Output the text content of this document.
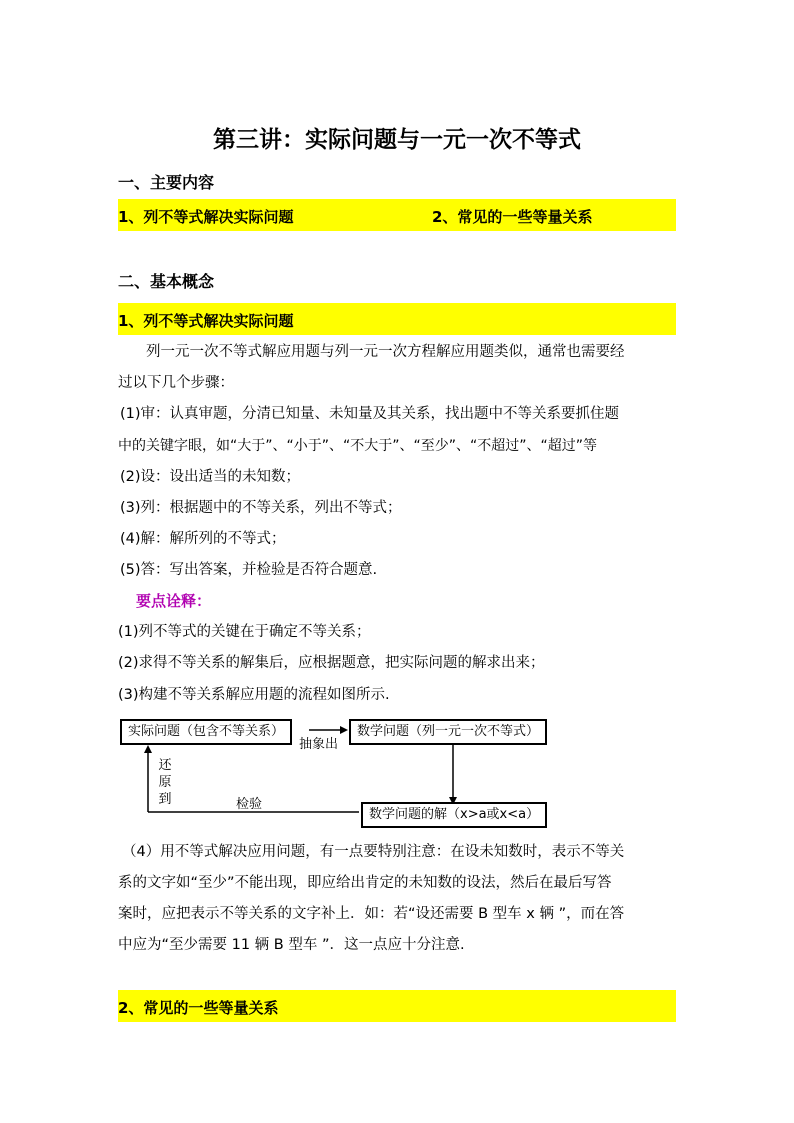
第三讲：实际问题与一元一次不等式
一、主要内容
1、列不等式解决实际问题	2、常见的一些等量关系
二、基本概念
1、列不等式解决实际问题
列一元一次不等式解应用题与列一元一次方程解应用题类似，通常也需要经
过以下几个步骤：
(1)审：认真审题，分清已知量、未知量及其关系，找出题中不等关系要抓住题
中的关键字眼，如“大于”、“小于”、“不大于”、“至少”、“不超过”、“超过”等
(2)设：设出适当的未知数；
(3)列：根据题中的不等关系，列出不等式；
(4)解：解所列的不等式；
(5)答：写出答案，并检验是否符合题意.
要点诠释：
(1)列不等式的关键在于确定不等关系；
(2)求得不等关系的解集后，应根据题意，把实际问题的解求出来；
(3)构建不等关系解应用题的流程如图所示.
实际问题（包含不等关系）	数学问题（列一元一次不等式）
数学问题的解（x>a或x<a）
抽象出
检验
还
原
到
（4）用不等式解决应用问题，有一点要特别注意：在设未知数时，表示不等关
系的文字如“至少”不能出现，即应给出肯定的未知数的设法，然后在最后写答
案时，应把表示不等关系的文字补上．如：若“设还需要 B 型车 x 辆 ”，而在答
中应为“至少需要 11 辆 B 型车 ”．这一点应十分注意.
2、常见的一些等量关系
